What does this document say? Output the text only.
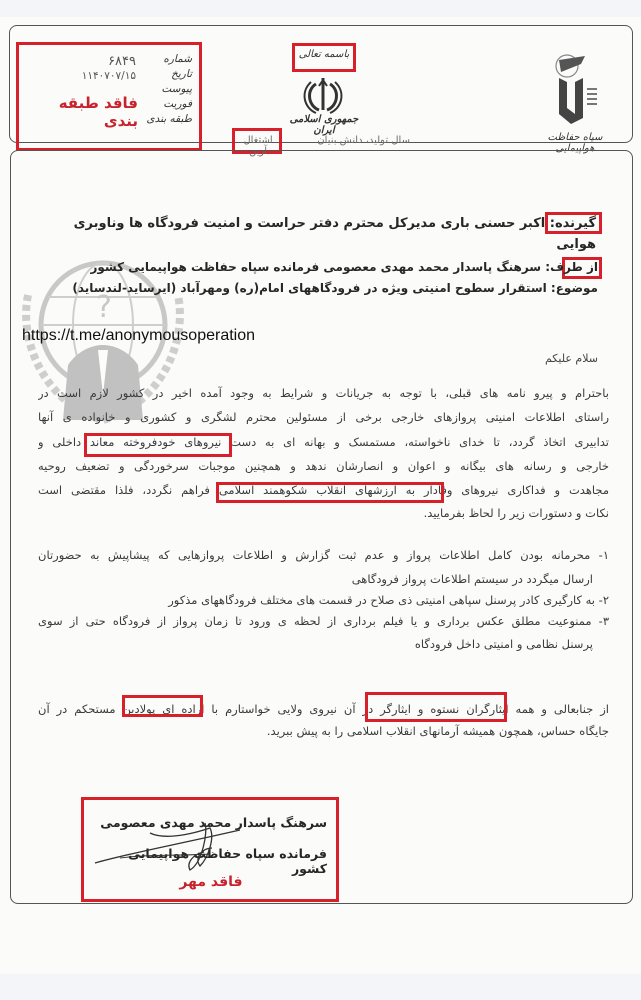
شماره
تاریخ
پیوست
فوریت
طبقه بندی
۶۸۴۹
۱۱۴۰۷۰۷/۱۵
فاقد طبقه بندی
باسمه تعالی
جمهوری اسلامی ایران
سال تولید، دانش بنیان
اشتغال آرین
سپاه حفاظت هواپیمایی
?
گیرنده: اکبر حسنی باری مدیرکل محترم دفتر حراست و امنیت فرودگاه ها وناوبری
هوایی
از طرف: سرهنگ پاسدار محمد مهدی معصومی فرمانده سپاه حفاظت هواپیمایی کشور
موضوع: استقرار سطوح امنیتی ویژه در فرودگاههای امام(ره) ومهرآباد (ایرساید-لندساید)
https://t.me/anonymousoperation
سلام علیکم
باحترام و پیرو نامه های قبلی، با توجه به جریانات و شرایط به وجود آمده اخیر در کشور لازم است در
راستای اطلاعات امنیتی پروازهای خارجی برخی از مسئولین محترم لشگری و کشوری و خانواده ی آنها
تدابیری اتخاذ گردد، تا خدای ناخواسته، مستمسک و بهانه ای به دست نیروهای خودفروخته معاند داخلی و
خارجی و رسانه های بیگانه و اعوان و انصارشان ندهد و همچنین موجبات سرخوردگی و تضعیف روحیه
مجاهدت و فداکاری نیروهای وفادار به ارزشهای انقلاب شکوهمند اسلامی فراهم نگردد، فلذا مقتضی است
نکات و دستورات زیر را لحاظ بفرمایید.
۱- محرمانه بودن کامل اطلاعات پرواز و عدم ثبت گزارش و اطلاعات پروازهایی که پیشاپیش به حضورتان
ارسال میگردد در سیستم اطلاعات پرواز فرودگاهی
۲- به کارگیری کادر پرسنل سپاهی امنیتی ذی صلاح در قسمت های مختلف فرودگاههای مذکور
۳- ممنوعیت مطلق عکس برداری و یا فیلم برداری از لحظه ی ورود تا زمان پرواز از فرودگاه حتی از سوی
پرسنل نظامی و امنیتی داخل فرودگاه
از جنابعالی و همه ایثارگران نستوه و ایثارگر در آن نیروی ولایی خواستارم با اراده ای پولادین مستحکم در آن
جایگاه حساس، همچون همیشه آرمانهای انقلاب اسلامی را به پیش ببرید.
سرهنگ پاسدار محمد مهدی معصومی
فرمانده سپاه حفاظت هواپیمایی کشور
فاقد مهر
